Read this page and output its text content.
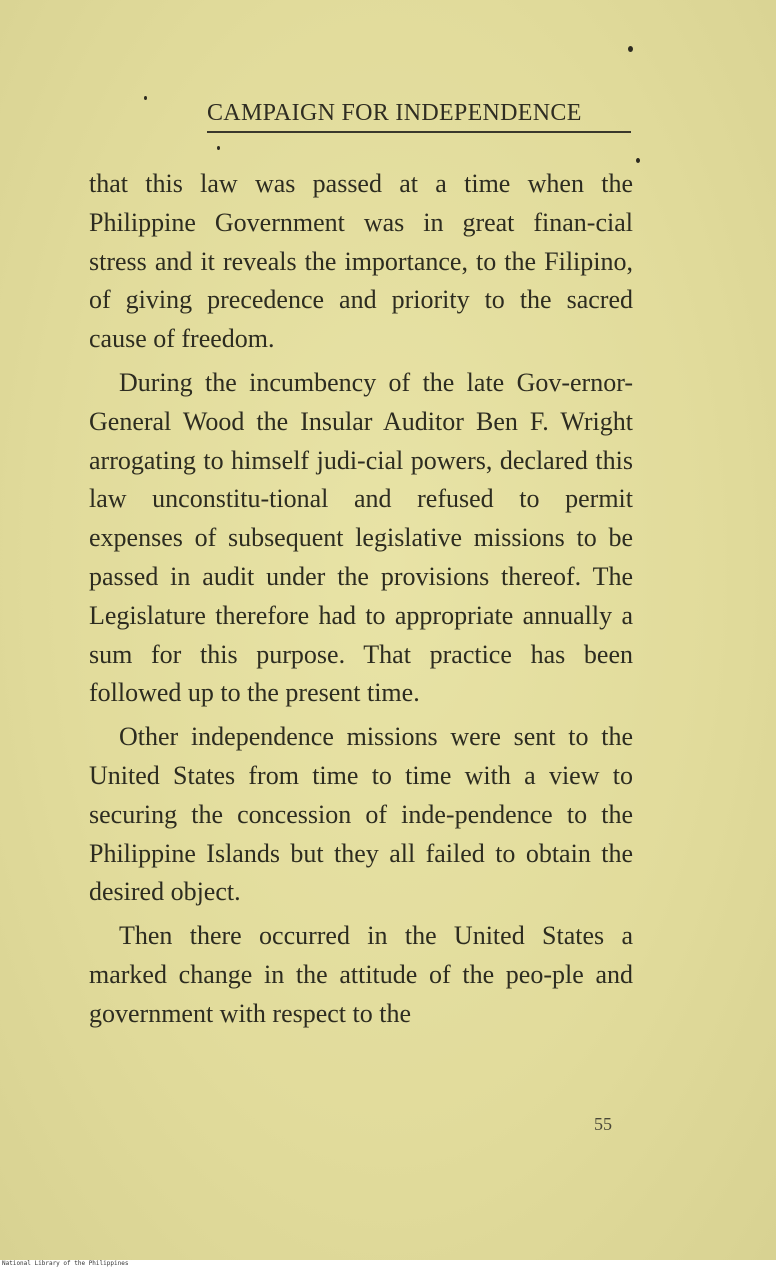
CAMPAIGN FOR INDEPENDENCE

that this law was passed at a time when the Philippine Government was in great finan-cial stress and it reveals the importance, to the Filipino, of giving precedence and priority to the sacred cause of freedom.

During the incumbency of the late Gov-ernor-General Wood the Insular Auditor Ben F. Wright arrogating to himself judi-cial powers, declared this law unconstitu-tional and refused to permit expenses of subsequent legislative missions to be passed in audit under the provisions thereof. The Legislature therefore had to appropriate annually a sum for this purpose. That practice has been followed up to the present time.

Other independence missions were sent to the United States from time to time with a view to securing the concession of inde-pendence to the Philippine Islands but they all failed to obtain the desired object.

Then there occurred in the United States a marked change in the attitude of the peo-ple and government with respect to the

55
National Library of the Philippines
